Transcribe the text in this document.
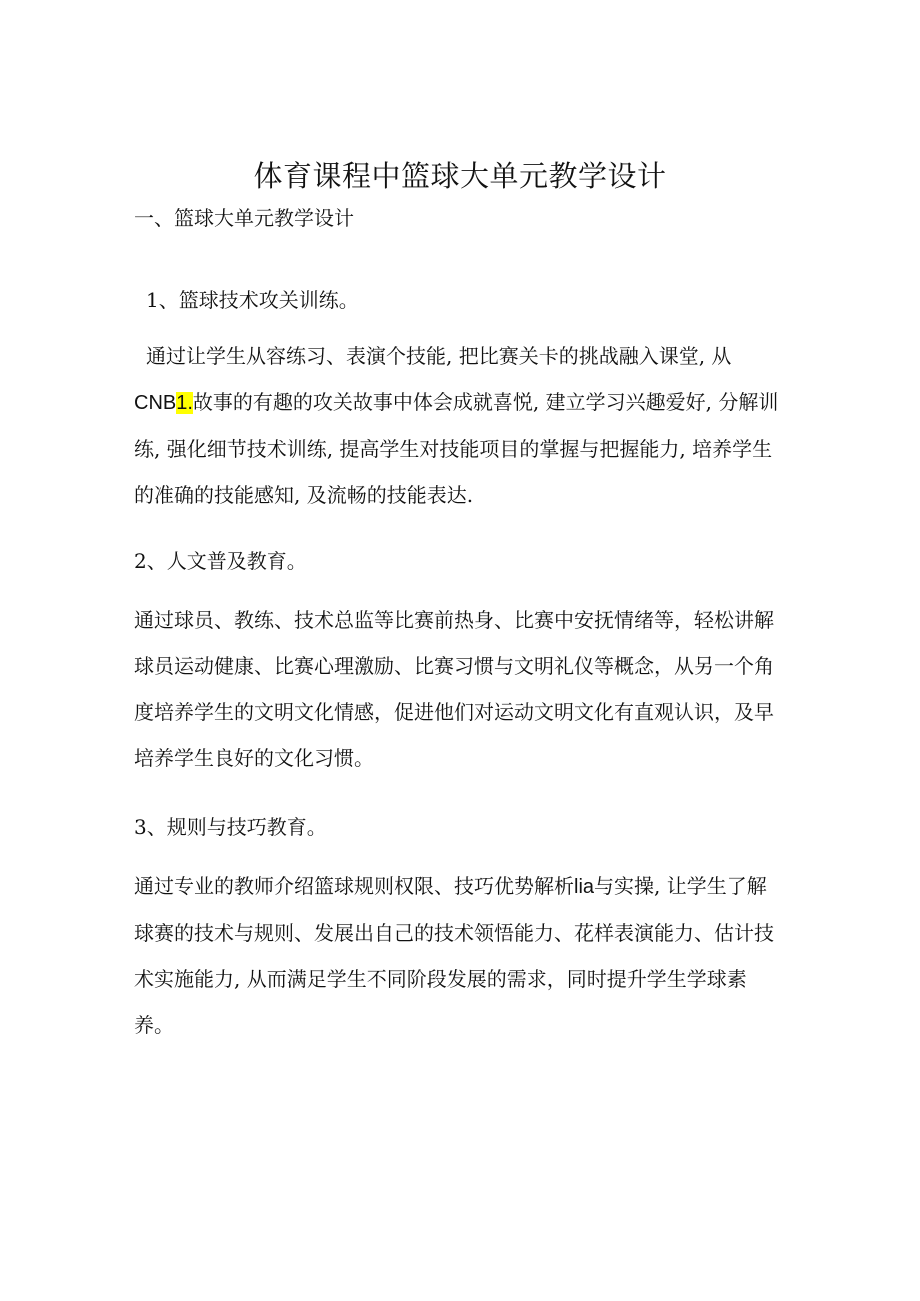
体育课程中篮球大单元教学设计
一、篮球大单元教学设计
1、篮球技术攻关训练。
通过让学生从容练习、表演个技能, 把比赛关卡的挑战融入课堂, 从
CNB1.故事的有趣的攻关故事中体会成就喜悦, 建立学习兴趣爱好, 分解训
练, 强化细节技术训练, 提高学生对技能项目的掌握与把握能力, 培养学生
的准确的技能感知, 及流畅的技能表达.
2、人文普及教育。
通过球员、教练、技术总监等比赛前热身、比赛中安抚情绪等，轻松讲解
球员运动健康、比赛心理激励、比赛习惯与文明礼仪等概念，从另一个角
度培养学生的文明文化情感，促进他们对运动文明文化有直观认识，及早
培养学生良好的文化习惯。
3、规则与技巧教育。
通过专业的教师介绍篮球规则权限、技巧优势解析lia与实操, 让学生了解
球赛的技术与规则、发展出自己的技术领悟能力、花样表演能力、估计技
术实施能力, 从而满足学生不同阶段发展的需求，同时提升学生学球素
养。
